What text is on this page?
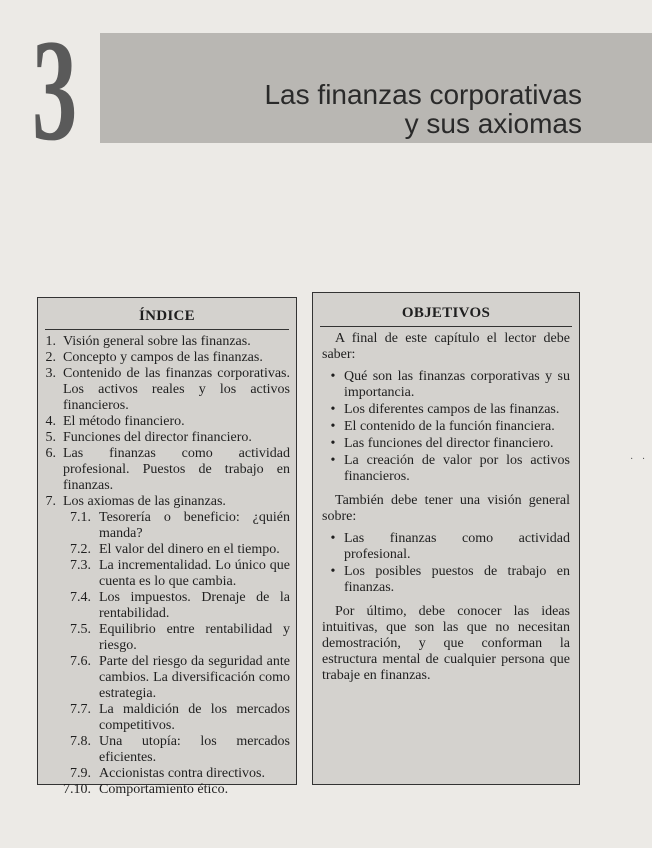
3	Las finanzas corporativas
y sus axiomas
ÍNDICE
1. Visión general sobre las finanzas.
2. Concepto y campos de las finanzas.
3. Contenido de las finanzas corporativas. Los activos reales y los activos financieros.
4. El método financiero.
5. Funciones del director financiero.
6. Las finanzas como actividad profesional. Puestos de trabajo en finanzas.
7. Los axiomas de las ginanzas.
7.1. Tesorería o beneficio: ¿quién manda?
7.2. El valor del dinero en el tiempo.
7.3. La incrementalidad. Lo único que cuenta es lo que cambia.
7.4. Los impuestos. Drenaje de la rentabilidad.
7.5. Equilibrio entre rentabilidad y riesgo.
7.6. Parte del riesgo da seguridad ante cambios. La diversificación como estrategia.
7.7. La maldición de los mercados competitivos.
7.8. Una utopía: los mercados eficientes.
7.9. Accionistas contra directivos.
7.10. Comportamiento ético.
OBJETIVOS

A final de este capítulo el lector debe saber:

• Qué son las finanzas corporativas y su importancia.
• Los diferentes campos de las finanzas.
• El contenido de la función financiera.
• Las funciones del director financiero.
• La creación de valor por los activos financieros.

También debe tener una visión general sobre:

• Las finanzas como actividad profesional.
• Los posibles puestos de trabajo en finanzas.

Por último, debe conocer las ideas intuitivas, que son las que no necesitan demostración, y que conforman la estructura mental de cualquier persona que trabaje en finanzas.

· ·
